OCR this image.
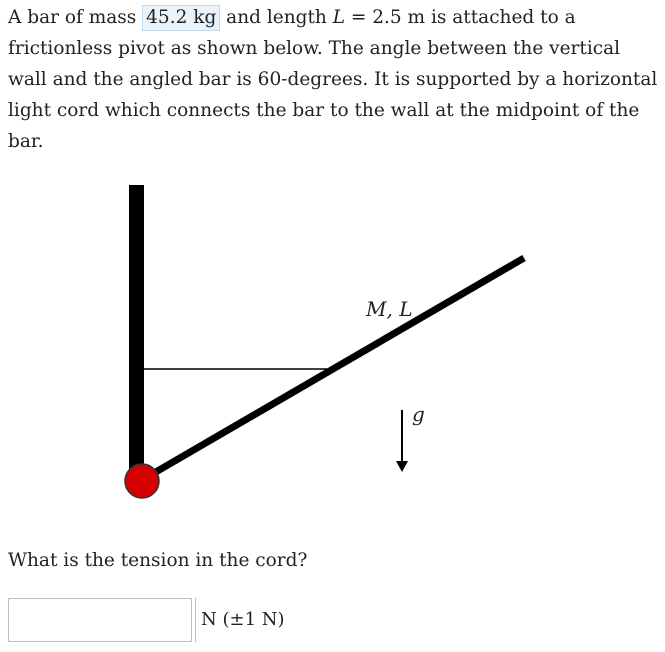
A bar of mass 45.2 kg and length L = 2.5 m is attached to a frictionless pivot as shown below. The angle between the vertical wall and the angled bar is 60-degrees. It is supported by a horizontal light cord which connects the bar to the wall at the midpoint of the bar.
M, L
g
What is the tension in the cord?
N (±1 N)
